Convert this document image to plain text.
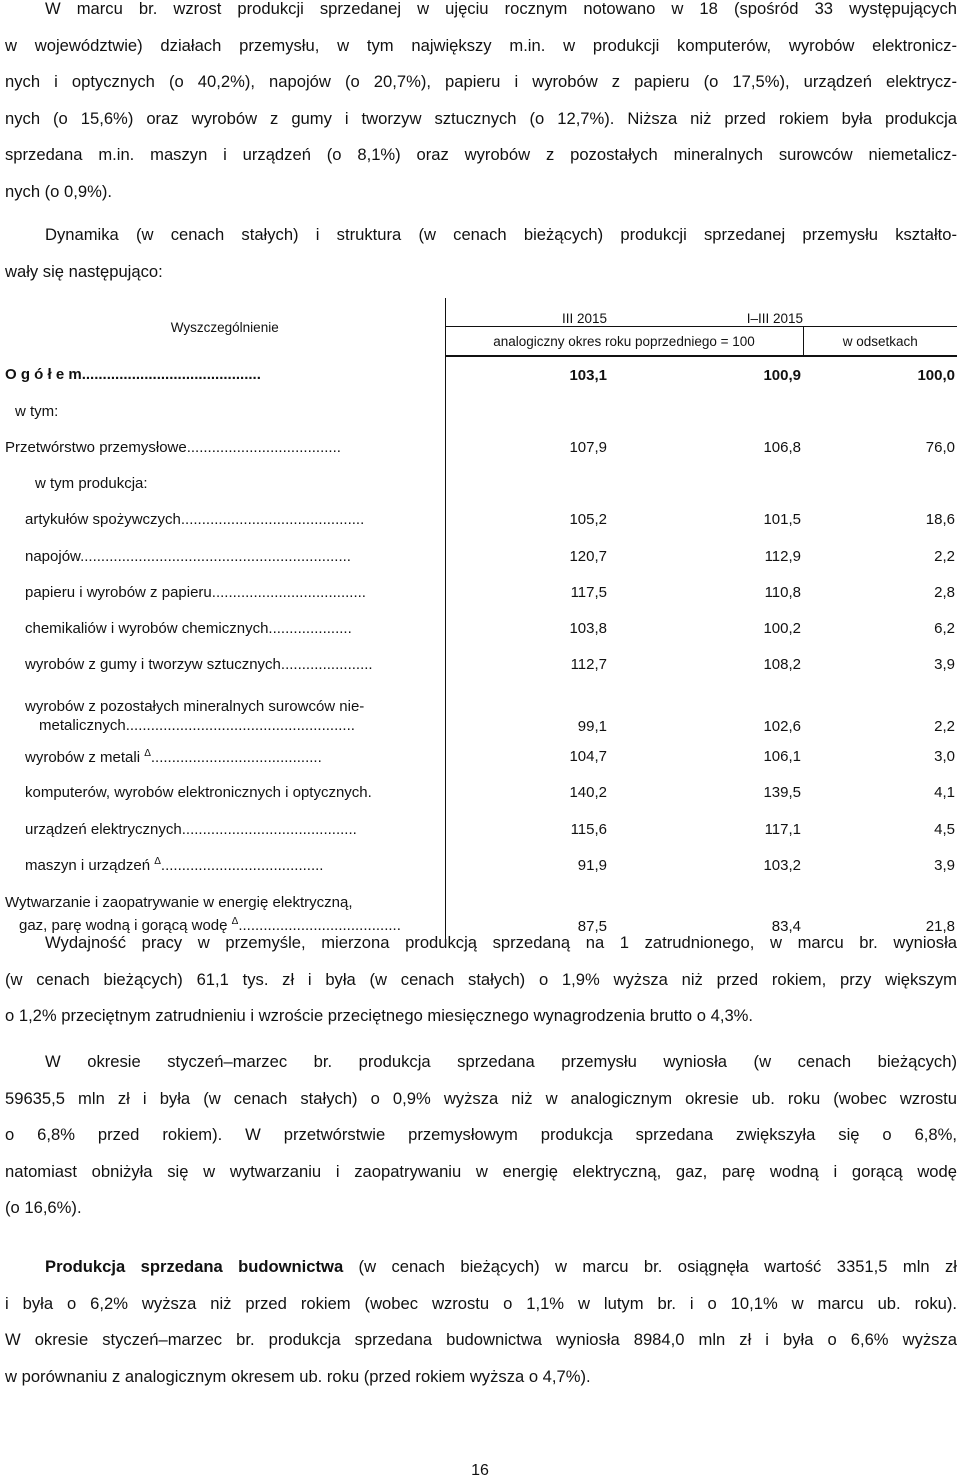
W marcu br. wzrost produkcji sprzedanej w ujęciu rocznym notowano w 18 (spośród 33 występujących
w województwie) działach przemysłu, w tym największy m.in. w produkcji komputerów, wyrobów elektronicz-
nych i optycznych (o 40,2%), napojów (o 20,7%), papieru i wyrobów z papieru (o 17,5%), urządzeń elektrycz-
nych (o 15,6%) oraz wyrobów z gumy i tworzyw sztucznych (o 12,7%). Niższa niż przed rokiem była produkcja
sprzedana m.in. maszyn i urządzeń (o 8,1%) oraz wyrobów z pozostałych mineralnych surowców niemetalicz-
nych (o 0,9%).
Dynamika (w cenach stałych) i struktura (w cenach bieżących) produkcji sprzedanej przemysłu kształto-
wały się następująco:
Wyszczególnienie	III 2015	I–III 2015	
	analogiczny okres roku poprzedniego = 100		w odsetkach
O g ó ł e m...........................................	103,1	100,9	100,0
w tym:			
Przetwórstwo przemysłowe.....................................	107,9	106,8	76,0
w tym produkcja:			
artykułów spożywczych............................................	105,2	101,5	18,6
napojów.................................................................	120,7	112,9	2,2
papieru i wyrobów z papieru.....................................	117,5	110,8	2,8
chemikaliów i wyrobów chemicznych....................	103,8	100,2	6,2
wyrobów z gumy i tworzyw sztucznych......................	112,7	108,2	3,9
wyrobów z pozostałych mineralnych surowców nie-
metalicznych.......................................................	99,1	102,6	2,2
wyrobów z metali $^\Delta$.........................................	104,7	106,1	3,0
komputerów, wyrobów elektronicznych i optycznych.	140,2	139,5	4,1
urządzeń elektrycznych..........................................	115,6	117,1	4,5
maszyn i urządzeń $^\Delta$.......................................	91,9	103,2	3,9
Wytwarzanie i zaopatrywanie w energię elektryczną,
gaz, parę wodną i gorącą wodę $^\Delta$.......................................	87,5	83,4	21,8
Wydajność pracy w przemyśle, mierzona produkcją sprzedaną na 1 zatrudnionego, w marcu br. wyniosła
(w cenach bieżących) 61,1 tys. zł i była (w cenach stałych) o 1,9% wyższa niż przed rokiem, przy większym
o 1,2% przeciętnym zatrudnieniu i wzroście przeciętnego miesięcznego wynagrodzenia brutto o 4,3%.
W okresie styczeń–marzec br. produkcja sprzedana przemysłu wyniosła (w cenach bieżących)
59635,5 mln zł i była (w cenach stałych) o 0,9% wyższa niż w analogicznym okresie ub. roku (wobec wzrostu
o 6,8% przed rokiem). W przetwórstwie przemysłowym produkcja sprzedana zwiększyła się o 6,8%,
natomiast obniżyła się w wytwarzaniu i zaopatrywaniu w energię elektryczną, gaz, parę wodną i gorącą wodę
(o 16,6%).
Produkcja sprzedana budownictwa (w cenach bieżących) w marcu br. osiągnęła wartość 3351,5 mln zł
i była o 6,2% wyższa niż przed rokiem (wobec wzrostu o 1,1% w lutym br. i o 10,1% w marcu ub. roku).
W okresie styczeń–marzec br. produkcja sprzedana budownictwa wyniosła 8984,0 mln zł i była o 6,6% wyższa
w porównaniu z analogicznym okresem ub. roku (przed rokiem wyższa o 4,7%).
16
